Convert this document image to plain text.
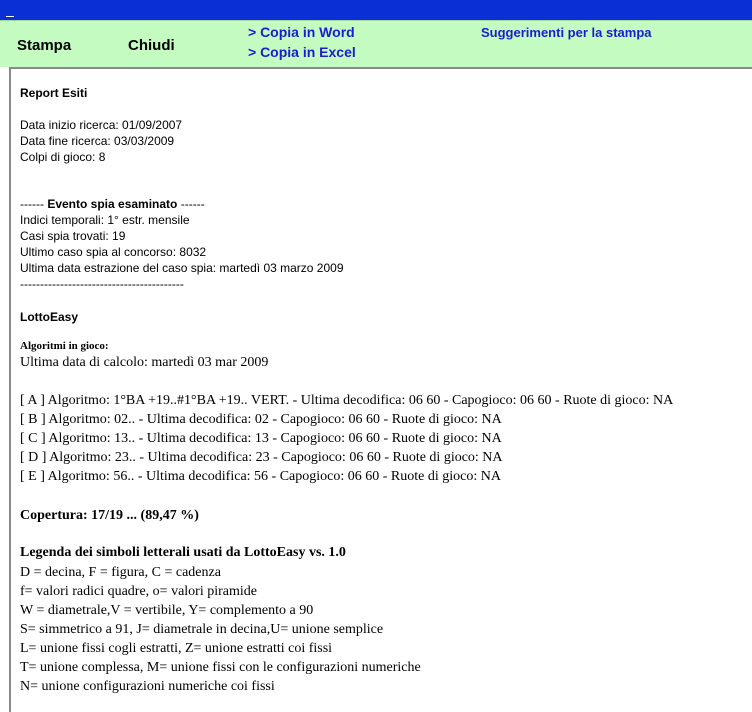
Stampa	Chiudi
> Copia in Word
> Copia in Excel
Suggerimenti per la stampa
Report Esiti
Data inizio ricerca: 01/09/2007
Data fine ricerca: 03/03/2009
Colpi di gioco: 8
------ Evento spia esaminato ------
Indici temporali: 1° estr. mensile
Casi spia trovati: 19
Ultimo caso spia al concorso: 8032
Ultima data estrazione del caso spia: martedì 03 marzo 2009
-----------------------------------------
LottoEasy
Algoritmi in gioco:
Ultima data di calcolo: martedì 03 mar 2009
[ A ] Algoritmo: 1°BA +19..#1°BA +19.. VERT. - Ultima decodifica: 06 60 - Capogioco: 06 60 - Ruote di gioco: NA
[ B ] Algoritmo: 02.. - Ultima decodifica: 02 - Capogioco: 06 60 - Ruote di gioco: NA
[ C ] Algoritmo: 13.. - Ultima decodifica: 13 - Capogioco: 06 60 - Ruote di gioco: NA
[ D ] Algoritmo: 23.. - Ultima decodifica: 23 - Capogioco: 06 60 - Ruote di gioco: NA
[ E ] Algoritmo: 56.. - Ultima decodifica: 56 - Capogioco: 06 60 - Ruote di gioco: NA
Copertura: 17/19 ... (89,47 %)
Legenda dei simboli letterali usati da LottoEasy vs. 1.0
D = decina, F = figura, C = cadenza
f= valori radici quadre, o= valori piramide
W = diametrale,V = vertibile, Y= complemento a 90
S= simmetrico a 91, J= diametrale in decina,U= unione semplice
L= unione fissi cogli estratti, Z= unione estratti coi fissi
T= unione complessa, M= unione fissi con le configurazioni numeriche
N= unione configurazioni numeriche coi fissi
